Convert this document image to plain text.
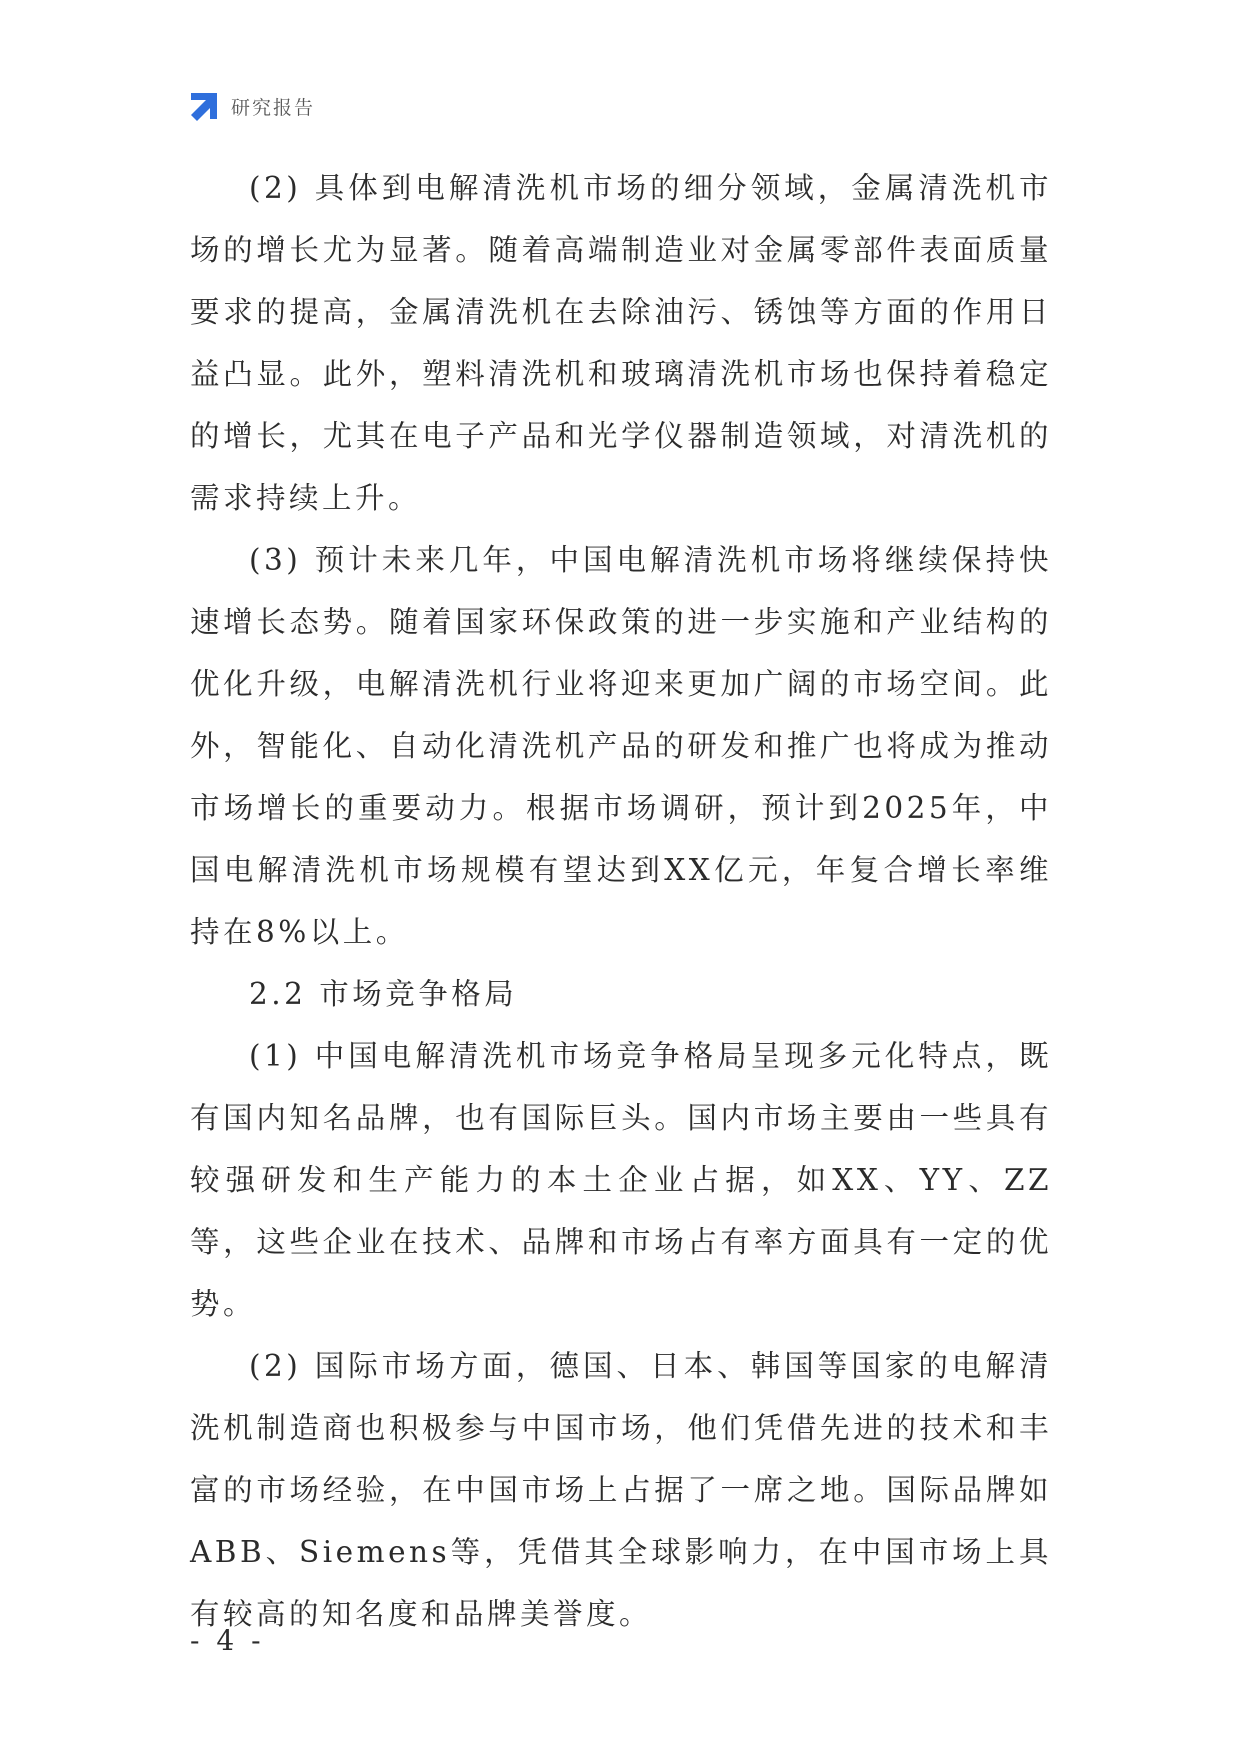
研究报告

(2) 具体到电解清洗机市场的细分领域，金属清洗机市场的增长尤为显著。随着高端制造业对金属零部件表面质量要求的提高，金属清洗机在去除油污、锈蚀等方面的作用日益凸显。此外，塑料清洗机和玻璃清洗机市场也保持着稳定的增长，尤其在电子产品和光学仪器制造领域，对清洗机的需求持续上升。

(3) 预计未来几年，中国电解清洗机市场将继续保持快速增长态势。随着国家环保政策的进一步实施和产业结构的优化升级，电解清洗机行业将迎来更加广阔的市场空间。此外，智能化、自动化清洗机产品的研发和推广也将成为推动市场增长的重要动力。根据市场调研，预计到2025年，中国电解清洗机市场规模有望达到XX亿元，年复合增长率维持在8%以上。

2.2 市场竞争格局

(1) 中国电解清洗机市场竞争格局呈现多元化特点，既有国内知名品牌，也有国际巨头。国内市场主要由一些具有较强研发和生产能力的本土企业占据，如XX、YY、ZZ等，这些企业在技术、品牌和市场占有率方面具有一定的优势。

(2) 国际市场方面，德国、日本、韩国等国家的电解清洗机制造商也积极参与中国市场，他们凭借先进的技术和丰富的市场经验，在中国市场上占据了一席之地。国际品牌如ABB、Siemens等，凭借其全球影响力，在中国市场上具有较高的知名度和品牌美誉度。

- 4 -
